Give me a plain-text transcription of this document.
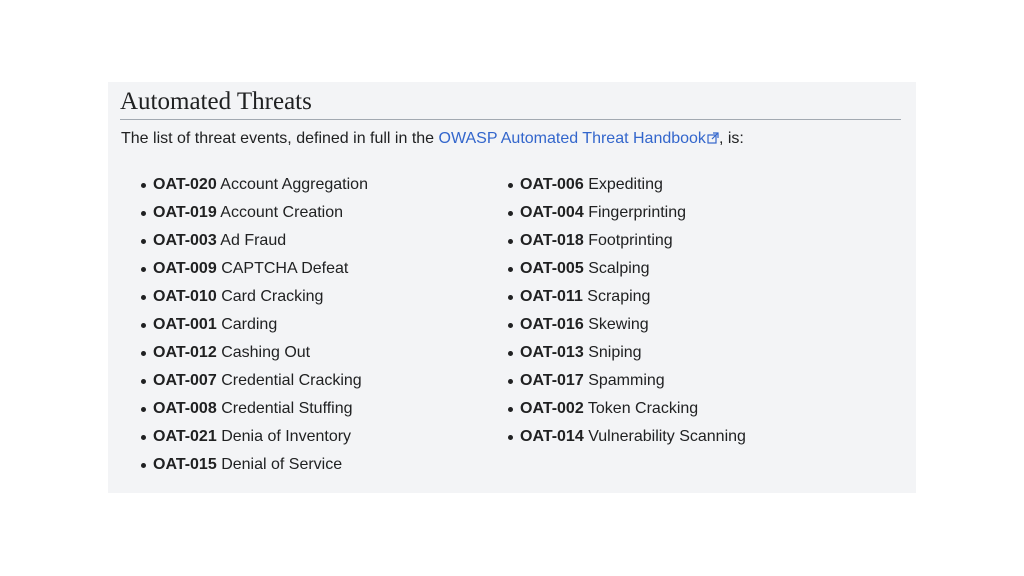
Automated Threats
The list of threat events, defined in full in the OWASP Automated Threat Handbook , is:
OAT-020 Account Aggregation
OAT-019 Account Creation
OAT-003 Ad Fraud
OAT-009 CAPTCHA Defeat
OAT-010 Card Cracking
OAT-001 Carding
OAT-012 Cashing Out
OAT-007 Credential Cracking
OAT-008 Credential Stuffing
OAT-021 Denia of Inventory
OAT-015 Denial of Service
OAT-006 Expediting
OAT-004 Fingerprinting
OAT-018 Footprinting
OAT-005 Scalping
OAT-011 Scraping
OAT-016 Skewing
OAT-013 Sniping
OAT-017 Spamming
OAT-002 Token Cracking
OAT-014 Vulnerability Scanning
